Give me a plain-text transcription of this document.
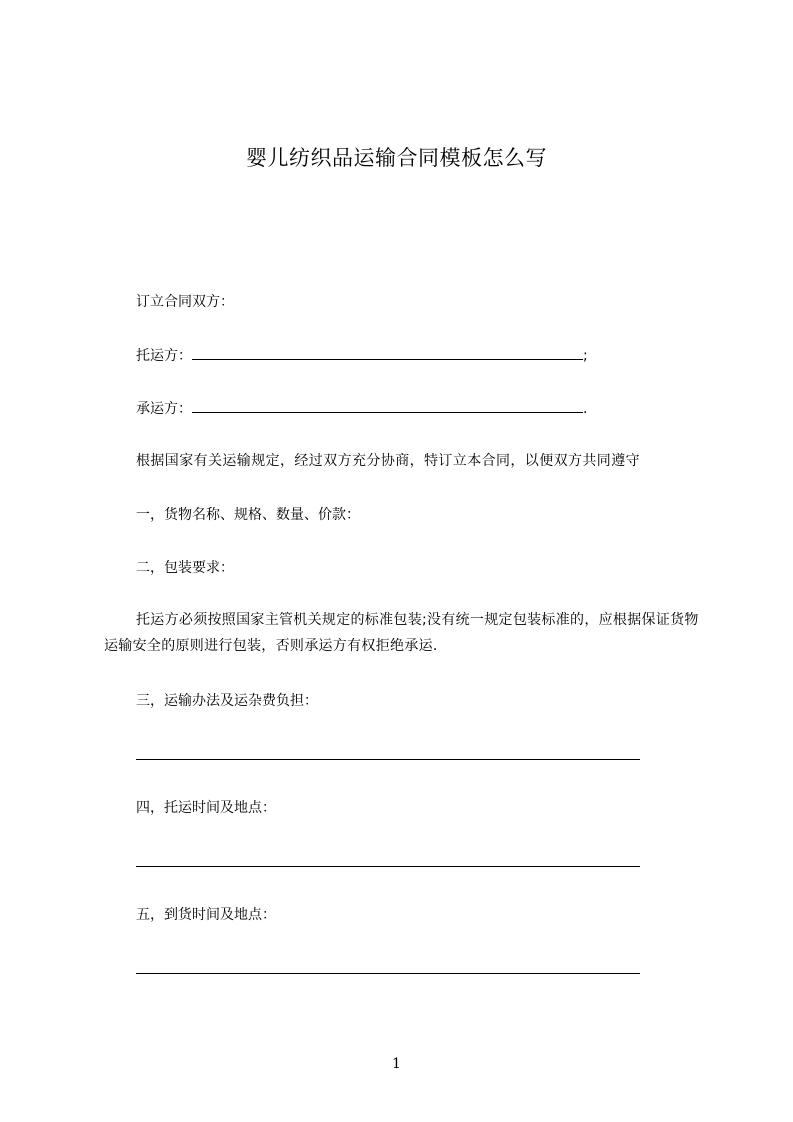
婴儿纺织品运输合同模板怎么写
订立合同双方：
托运方：	;
承运方：	.
根据国家有关运输规定，经过双方充分协商，特订立本合同，以便双方共同遵守
一，货物名称、规格、数量、价款：
二，包装要求：
托运方必须按照国家主管机关规定的标准包装;没有统一规定包装标准的，应根据保证货物运输安全的原则进行包装，否则承运方有权拒绝承运.
三，运输办法及运杂费负担：
四，托运时间及地点：
五，到货时间及地点：
1
